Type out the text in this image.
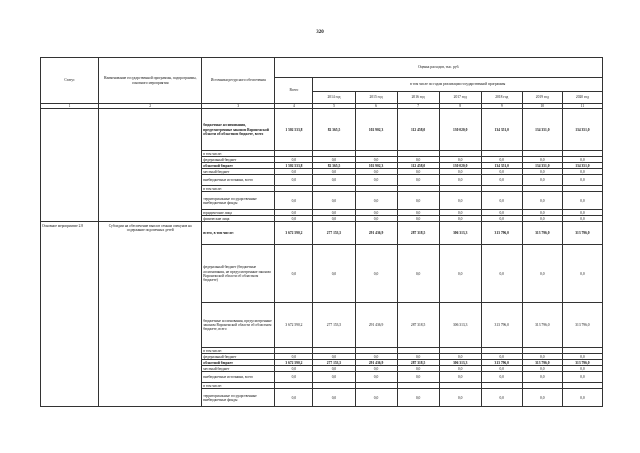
320
Статус	Наименование государственной программы, подпрограммы, основного мероприятия	Источники ресурсного обеспечения	Оценка расходов, тыс. руб.							
			Всего	в том числе по годам реализации государственной программы						
				2014 год	2015 год	2016 год	2017 год	2018 год	2019 год	2020 год
1	2	3	4	5	6	7	8	9	10	11
		бюджетные ассигнования, предусмотренные законом Воронежской области об областном бюджете, всего	1 502 533,8	82 365,5	102 902,3	112 458,0	130 020,0	134 351,0	134 351,0	134 351,0
		в том числе:								
		федеральный бюджет	0,0	0,0	0,0	0,0	0,0	0,0	0,0	0,0
		областной бюджет	1 502 533,8	82 365,5	102 902,3	112 458,0	130 020,0	134 351,0	134 351,0	134 351,0
		местный бюджет	0,0	0,0	0,0	0,0	0,0	0,0	0,0	0,0
		внебюджетные источники, всего	0,0	0,0	0,0	0,0	0,0	0,0	0,0	0,0
		в том числе:								
		территориальные государственные внебюджетные фонды	0,0	0,0	0,0	0,0	0,0	0,0	0,0	0,0
		юридические лица	0,0	0,0	0,0	0,0	0,0	0,0	0,0	0,0
		физические лица	0,0	0,0	0,0	0,0	0,0	0,0	0,0	0,0
Основное мероприятие 2.8	Субсидии на обеспечение выплат семьям опекунов на содержание подопечных детей	всего, в том числе:	3 672 590,2	277 153,5	291 436,9	287 318,5	306 313,3	313 796,0	313 796,0	313 796,0
		федеральный бюджет (бюджетные ассигнования, не предусмотренные законом Воронежской области об областном бюджете)	0,0	0,0	0,0	0,0	0,0	0,0	0,0	0,0
		бюджетные ассигнования, предусмотренные законом Воронежской области об областном бюджете, всего	3 672 590,2	277 153,5	291 436,9	287 318,5	306 313,3	313 796,0	313 796,0	313 796,0
		в том числе:								
		федеральный бюджет	0,0	0,0	0,0	0,0	0,0	0,0	0,0	0,0
		областной бюджет	3 672 590,2	277 153,5	291 436,9	287 318,5	306 313,3	313 796,0	313 796,0	313 796,0
		местный бюджет	0,0	0,0	0,0	0,0	0,0	0,0	0,0	0,0
		внебюджетные источники, всего	0,0	0,0	0,0	0,0	0,0	0,0	0,0	0,0
		в том числе:								
		территориальные государственные внебюджетные фонды	0,0	0,0	0,0	0,0	0,0	0,0	0,0	0,0
